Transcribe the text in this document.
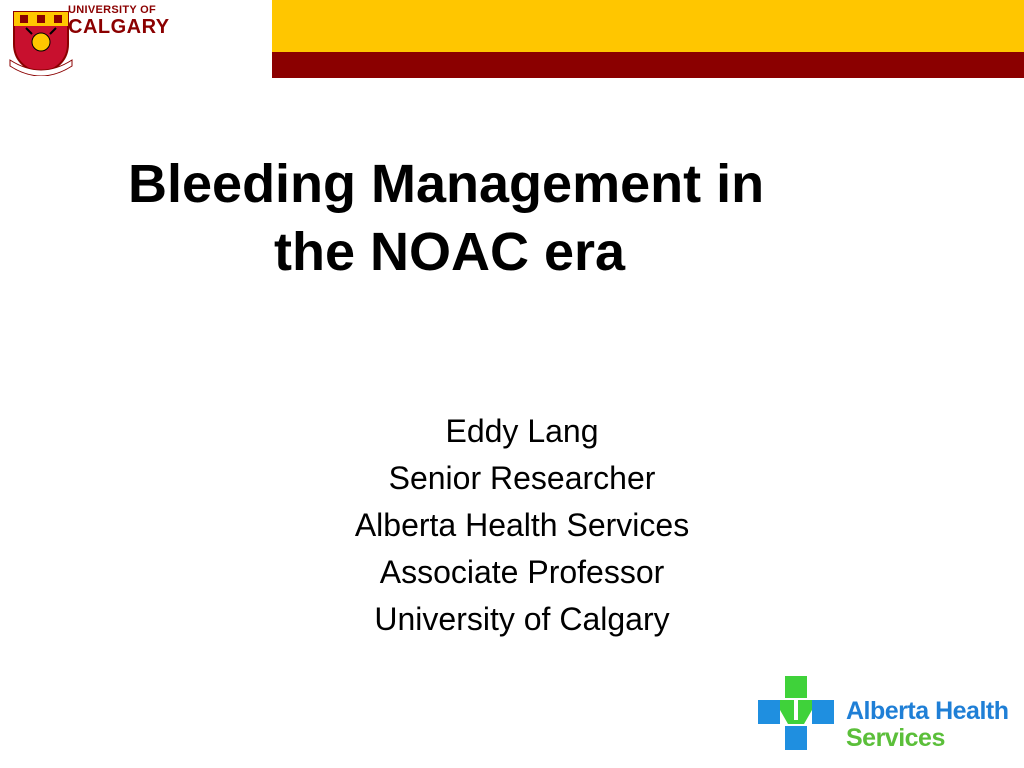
UNIVERSITY OF
CALGARY
Bleeding Management in
the NOAC era
Eddy Lang
Senior Researcher
Alberta Health Services
Associate Professor
University of Calgary
Alberta Health
Services
